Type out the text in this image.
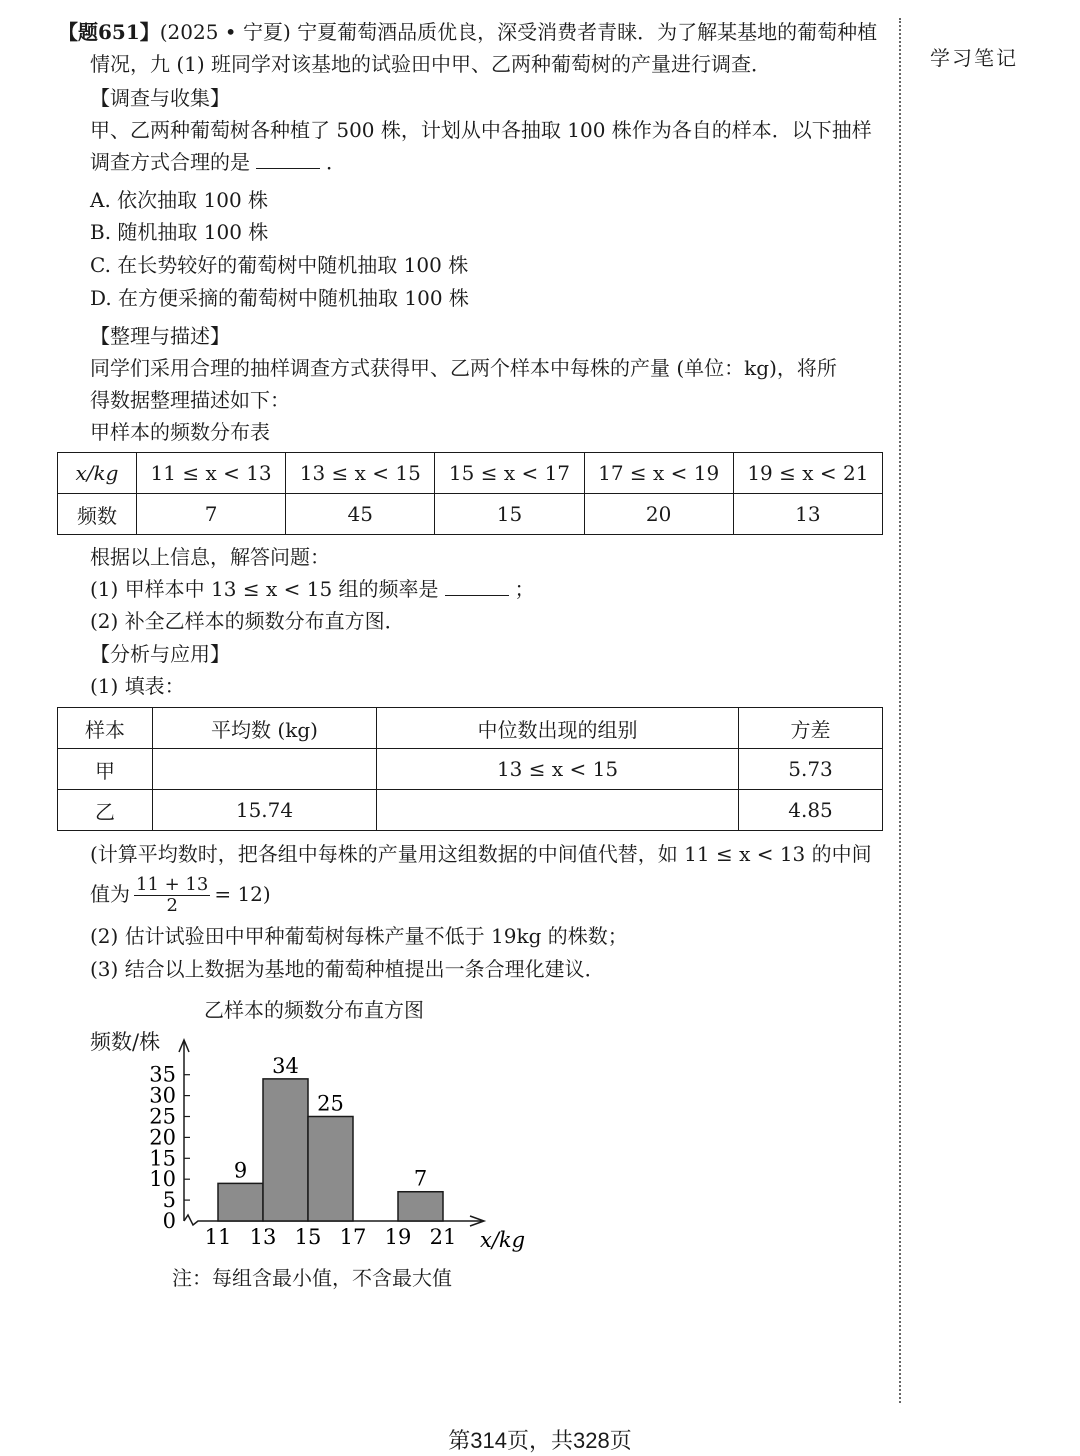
学习笔记
【题651】(2025 • 宁夏) 宁夏葡萄酒品质优良，深受消费者青睐．为了解某基地的葡萄种植
情况，九 (1) 班同学对该基地的试验田中甲、乙两种葡萄树的产量进行调查．
【调查与收集】
甲、乙两种葡萄树各种植了 500 株，计划从中各抽取 100 株作为各自的样本．以下抽样
调查方式合理的是	．
A. 依次抽取 100 株
B. 随机抽取 100 株
C. 在长势较好的葡萄树中随机抽取 100 株
D. 在方便采摘的葡萄树中随机抽取 100 株
【整理与描述】
同学们采用合理的抽样调查方式获得甲、乙两个样本中每株的产量 (单位：kg)，将所
得数据整理描述如下：
甲样本的频数分布表
x/kg	11 ≤ x < 13	13 ≤ x < 15	15 ≤ x < 17	17 ≤ x < 19	19 ≤ x < 21
频数	7	45	15	20	13
根据以上信息，解答问题：
(1) 甲样本中 13 ≤ x < 15 组的频率是	；
(2) 补全乙样本的频数分布直方图．
【分析与应用】
(1) 填表：
样本	平均数 (kg)	中位数出现的组别	方差
甲		13 ≤ x < 15	5.73
乙	15.74		4.85
(计算平均数时，把各组中每株的产量用这组数据的中间值代替，如 11 ≤ x < 13 的中间
值为 $\frac{11 + 13}{2} = 12$)
(2) 估计试验田中甲种葡萄树每株产量不低于 19kg 的株数；
(3) 结合以上数据为基地的葡萄种植提出一条合理化建议．
乙样本的频数分布直方图
频数/株
0
5
10
15
20
25
30
35
11 13 15 17 19 21 x/kg
9
34
25
7
注：每组含最小值，不含最大值
第314页，共328页
